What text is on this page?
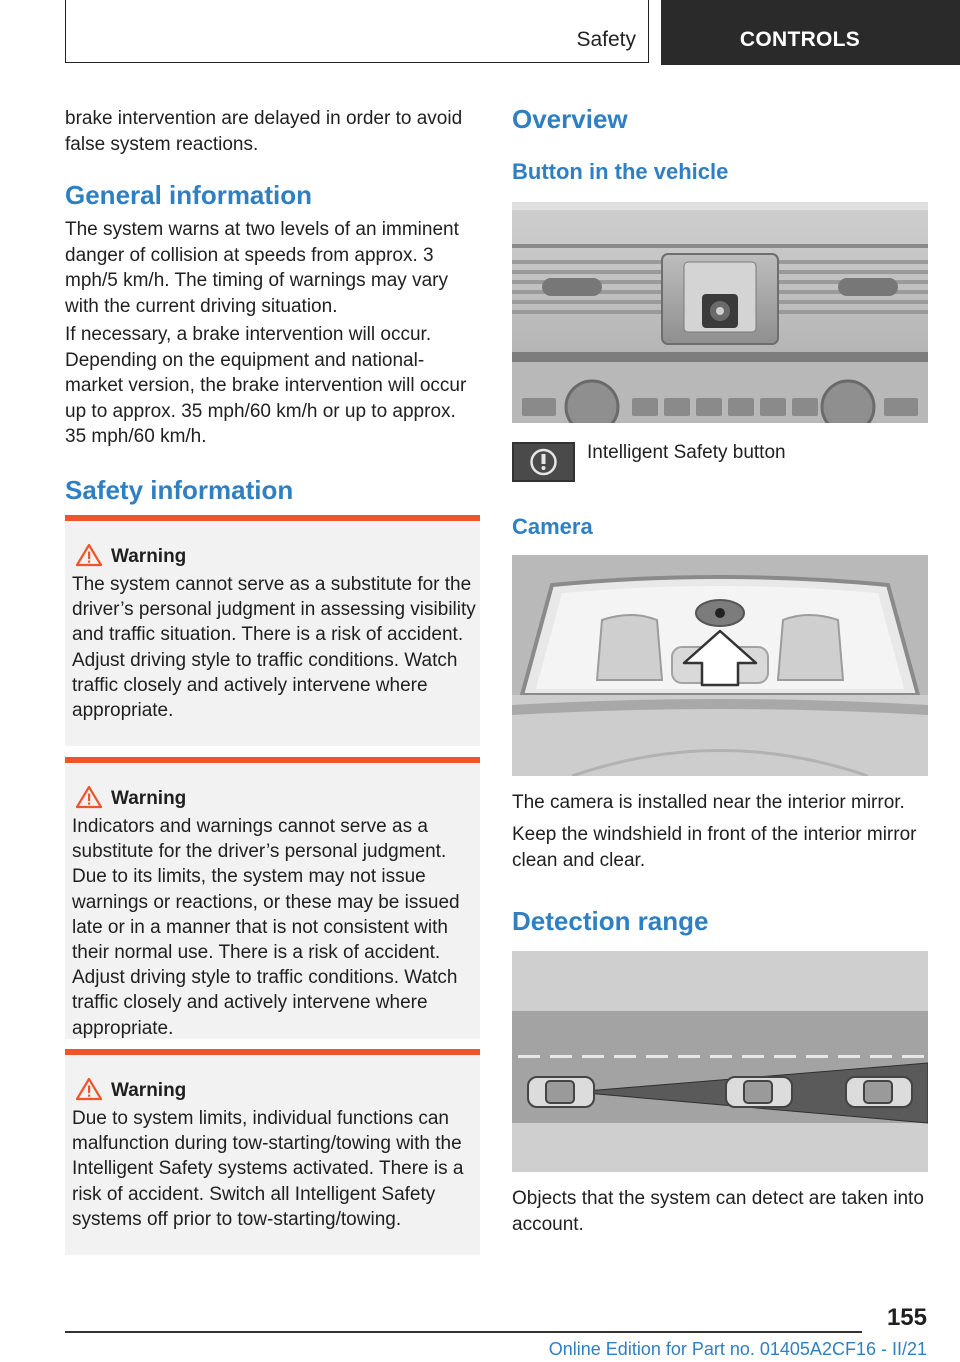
Safety	CONTROLS
brake intervention are delayed in order to avoid false system reactions.
General information
The system warns at two levels of an imminent danger of collision at speeds from approx. 3 mph/5 km/h. The timing of warnings may vary with the current driving situation.
If necessary, a brake intervention will occur. Depending on the equipment and national-market version, the brake intervention will occur up to approx. 35 mph/60 km/h or up to approx. 35 mph/60 km/h.
Safety information
Warning
The system cannot serve as a substitute for the driver’s personal judgment in assessing visibility and traffic situation. There is a risk of accident. Adjust driving style to traffic conditions. Watch traffic closely and actively intervene where appropriate.
Warning
Indicators and warnings cannot serve as a substitute for the driver’s personal judgment. Due to its limits, the system may not issue warnings or reactions, or these may be issued late or in a manner that is not consistent with their normal use. There is a risk of accident. Adjust driving style to traffic conditions. Watch traffic closely and actively intervene where appropriate.
Warning
Due to system limits, individual functions can malfunction during tow-starting/towing with the Intelligent Safety systems activated. There is a risk of accident. Switch all Intelligent Safety systems off prior to tow-starting/towing.
Overview
Button in the vehicle
Intelligent Safety button
Camera
The camera is installed near the interior mirror.
Keep the windshield in front of the interior mirror clean and clear.
Detection range
Objects that the system can detect are taken into account.
155
Online Edition for Part no. 01405A2CF16 - II/21
